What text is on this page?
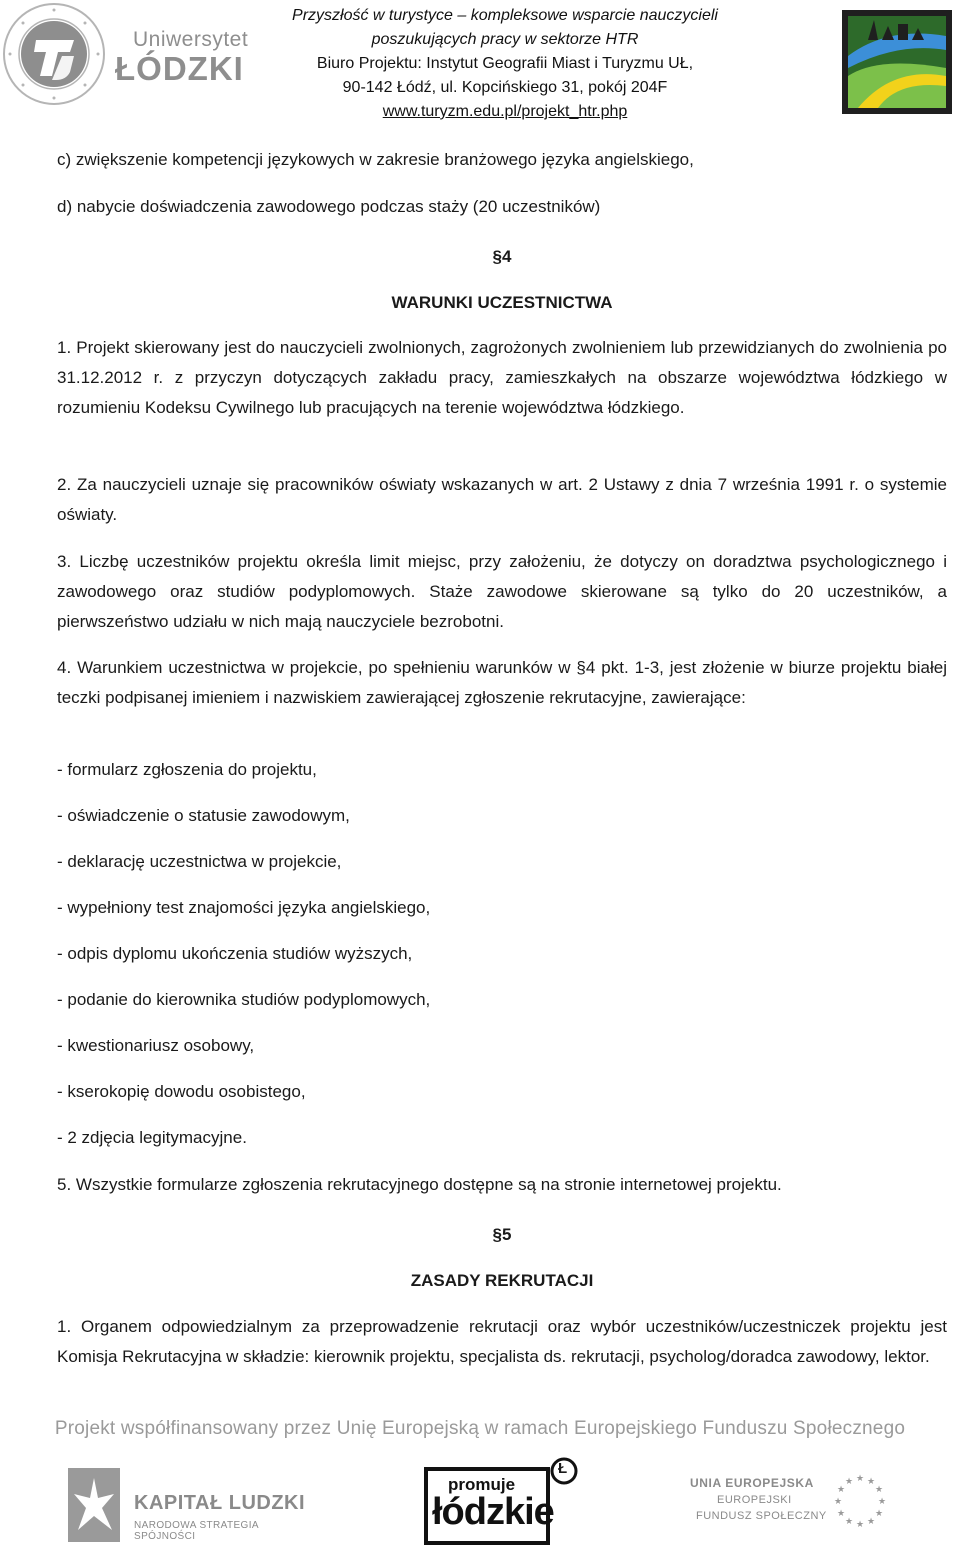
Uniwersytet
ŁÓDZKI
Przyszłość w turystyce – kompleksowe wsparcie nauczycieli
poszukujących pracy w sektorze HTR
Biuro Projektu: Instytut Geografii Miast i Turyzmu UŁ,
90-142 Łódź, ul. Kopcińskiego 31, pokój 204F
www.turyzm.edu.pl/projekt_htr.php
c) zwiększenie kompetencji językowych w zakresie branżowego języka angielskiego,
d) nabycie doświadczenia zawodowego podczas staży (20 uczestników)
§4
WARUNKI UCZESTNICTWA

1. Projekt skierowany jest do nauczycieli zwolnionych, zagrożonych zwolnieniem lub przewidzianych do zwolnienia po 31.12.2012 r. z przyczyn dotyczących zakładu pracy, zamieszkałych na obszarze województwa łódzkiego w rozumieniu Kodeksu Cywilnego lub pracujących na terenie województwa łódzkiego.

2. Za nauczycieli uznaje się pracowników oświaty wskazanych w art. 2 Ustawy z dnia 7 września 1991 r. o systemie oświaty.

3. Liczbę uczestników projektu określa limit miejsc, przy założeniu, że dotyczy on doradztwa psychologicznego i zawodowego oraz studiów podyplomowych. Staże zawodowe skierowane są tylko do 20 uczestników, a pierwszeństwo udziału w nich mają nauczyciele bezrobotni.

4. Warunkiem uczestnictwa w projekcie, po spełnieniu warunków w §4 pkt. 1-3, jest złożenie w biurze projektu białej teczki podpisanej imieniem i nazwiskiem zawierającej zgłoszenie rekrutacyjne, zawierające:

- formularz zgłoszenia do projektu,
- oświadczenie o statusie zawodowym,
- deklarację uczestnictwa w projekcie,
- wypełniony test znajomości języka angielskiego,
- odpis dyplomu ukończenia studiów wyższych,
- podanie do kierownika studiów podyplomowych,
- kwestionariusz osobowy,
- kserokopię dowodu osobistego,
- 2 zdjęcia legitymacyjne.
5. Wszystkie formularze zgłoszenia rekrutacyjnego dostępne są na stronie internetowej projektu.
§5
ZASADY REKRUTACJI

1. Organem odpowiedzialnym za przeprowadzenie rekrutacji oraz wybór uczestników/uczestniczek projektu jest Komisja Rekrutacyjna w składzie: kierownik projektu, specjalista ds. rekrutacji, psycholog/doradca zawodowy, lektor.

Projekt współfinansowany przez Unię Europejską w ramach Europejskiego Funduszu Społecznego
KAPITAŁ LUDZKI
NARODOWA STRATEGIA SPÓJNOŚCI
Ł
promuje
łódzkie
UNIA EUROPEJSKA
EUROPEJSKI
FUNDUSZ SPOŁECZNY
★ ★
★
★
★
★
★
★
★
★
★
★
